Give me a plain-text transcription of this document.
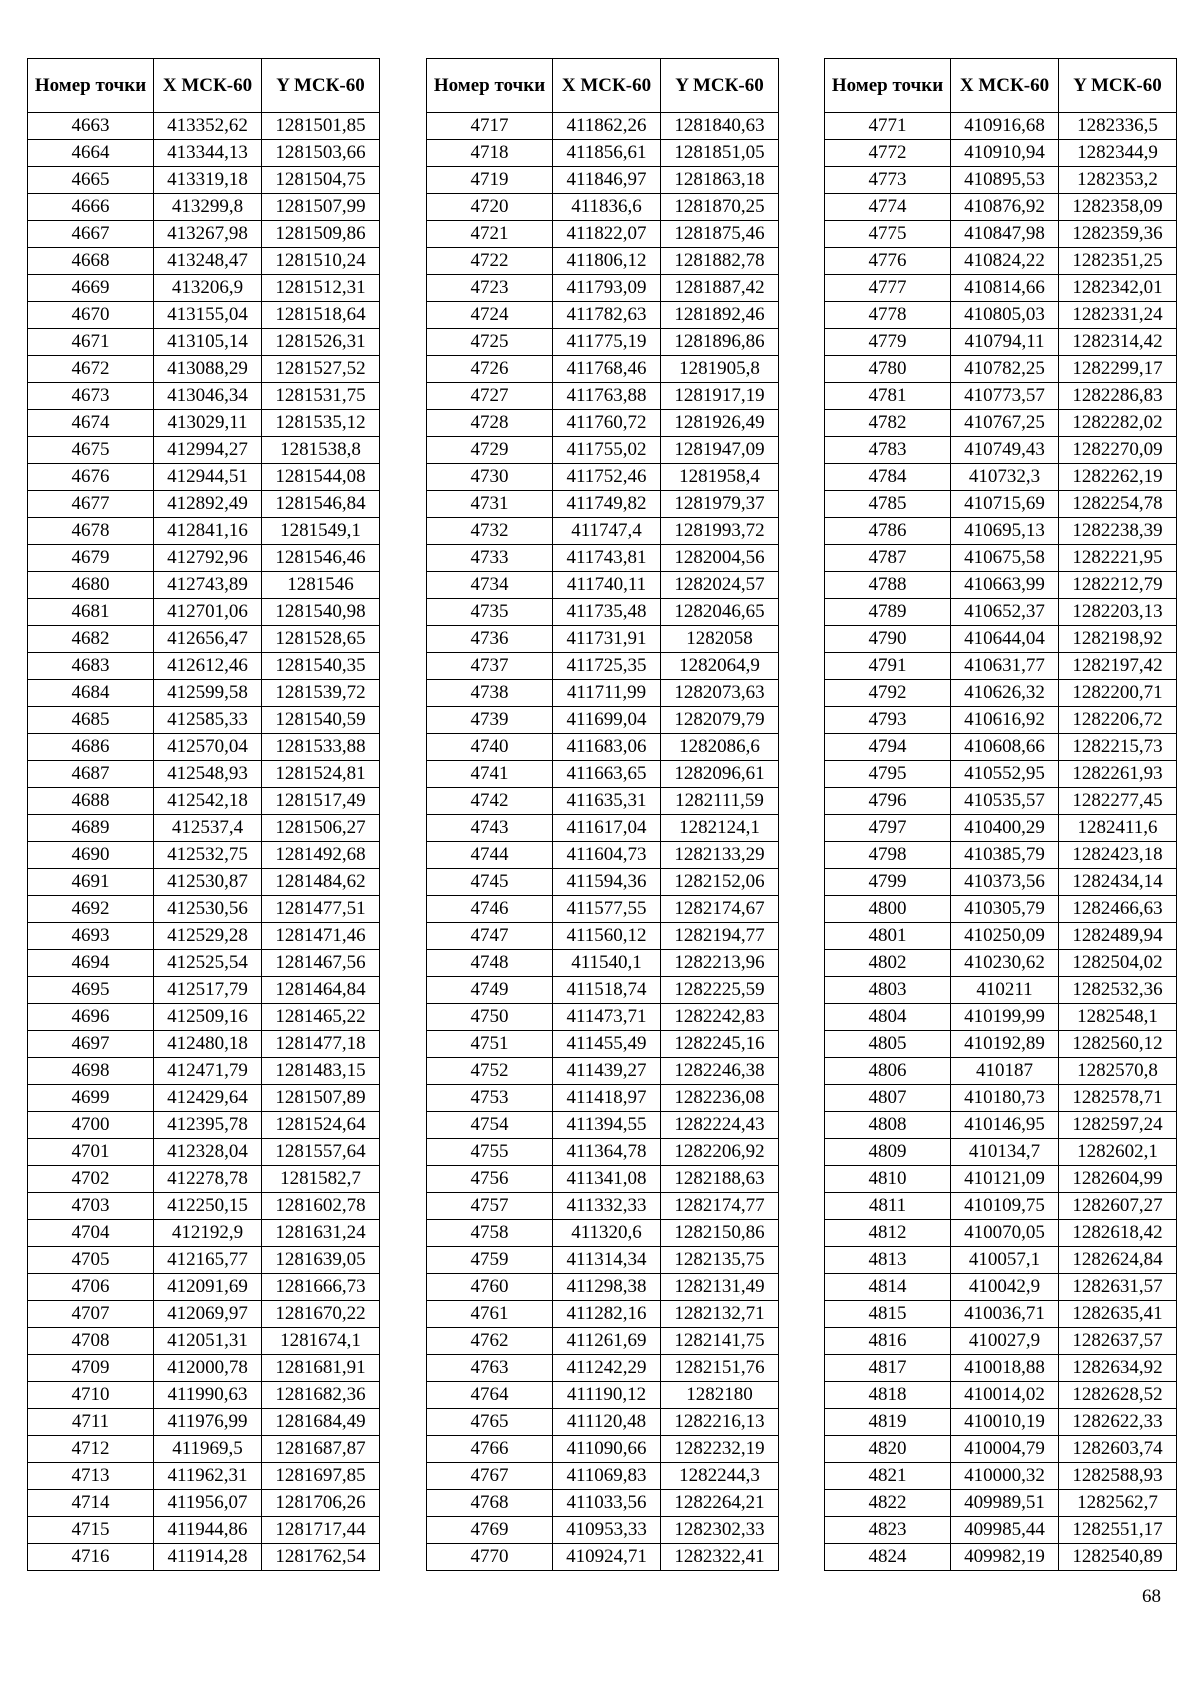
Номер точки	X МСК-60	Y МСК-60
4663	413352,62	1281501,85
4664	413344,13	1281503,66
4665	413319,18	1281504,75
4666	413299,8	1281507,99
4667	413267,98	1281509,86
4668	413248,47	1281510,24
4669	413206,9	1281512,31
4670	413155,04	1281518,64
4671	413105,14	1281526,31
4672	413088,29	1281527,52
4673	413046,34	1281531,75
4674	413029,11	1281535,12
4675	412994,27	1281538,8
4676	412944,51	1281544,08
4677	412892,49	1281546,84
4678	412841,16	1281549,1
4679	412792,96	1281546,46
4680	412743,89	1281546
4681	412701,06	1281540,98
4682	412656,47	1281528,65
4683	412612,46	1281540,35
4684	412599,58	1281539,72
4685	412585,33	1281540,59
4686	412570,04	1281533,88
4687	412548,93	1281524,81
4688	412542,18	1281517,49
4689	412537,4	1281506,27
4690	412532,75	1281492,68
4691	412530,87	1281484,62
4692	412530,56	1281477,51
4693	412529,28	1281471,46
4694	412525,54	1281467,56
4695	412517,79	1281464,84
4696	412509,16	1281465,22
4697	412480,18	1281477,18
4698	412471,79	1281483,15
4699	412429,64	1281507,89
4700	412395,78	1281524,64
4701	412328,04	1281557,64
4702	412278,78	1281582,7
4703	412250,15	1281602,78
4704	412192,9	1281631,24
4705	412165,77	1281639,05
4706	412091,69	1281666,73
4707	412069,97	1281670,22
4708	412051,31	1281674,1
4709	412000,78	1281681,91
4710	411990,63	1281682,36
4711	411976,99	1281684,49
4712	411969,5	1281687,87
4713	411962,31	1281697,85
4714	411956,07	1281706,26
4715	411944,86	1281717,44
4716	411914,28	1281762,54
Номер точки	X МСК-60	Y МСК-60
4717	411862,26	1281840,63
4718	411856,61	1281851,05
4719	411846,97	1281863,18
4720	411836,6	1281870,25
4721	411822,07	1281875,46
4722	411806,12	1281882,78
4723	411793,09	1281887,42
4724	411782,63	1281892,46
4725	411775,19	1281896,86
4726	411768,46	1281905,8
4727	411763,88	1281917,19
4728	411760,72	1281926,49
4729	411755,02	1281947,09
4730	411752,46	1281958,4
4731	411749,82	1281979,37
4732	411747,4	1281993,72
4733	411743,81	1282004,56
4734	411740,11	1282024,57
4735	411735,48	1282046,65
4736	411731,91	1282058
4737	411725,35	1282064,9
4738	411711,99	1282073,63
4739	411699,04	1282079,79
4740	411683,06	1282086,6
4741	411663,65	1282096,61
4742	411635,31	1282111,59
4743	411617,04	1282124,1
4744	411604,73	1282133,29
4745	411594,36	1282152,06
4746	411577,55	1282174,67
4747	411560,12	1282194,77
4748	411540,1	1282213,96
4749	411518,74	1282225,59
4750	411473,71	1282242,83
4751	411455,49	1282245,16
4752	411439,27	1282246,38
4753	411418,97	1282236,08
4754	411394,55	1282224,43
4755	411364,78	1282206,92
4756	411341,08	1282188,63
4757	411332,33	1282174,77
4758	411320,6	1282150,86
4759	411314,34	1282135,75
4760	411298,38	1282131,49
4761	411282,16	1282132,71
4762	411261,69	1282141,75
4763	411242,29	1282151,76
4764	411190,12	1282180
4765	411120,48	1282216,13
4766	411090,66	1282232,19
4767	411069,83	1282244,3
4768	411033,56	1282264,21
4769	410953,33	1282302,33
4770	410924,71	1282322,41
Номер точки	X МСК-60	Y МСК-60
4771	410916,68	1282336,5
4772	410910,94	1282344,9
4773	410895,53	1282353,2
4774	410876,92	1282358,09
4775	410847,98	1282359,36
4776	410824,22	1282351,25
4777	410814,66	1282342,01
4778	410805,03	1282331,24
4779	410794,11	1282314,42
4780	410782,25	1282299,17
4781	410773,57	1282286,83
4782	410767,25	1282282,02
4783	410749,43	1282270,09
4784	410732,3	1282262,19
4785	410715,69	1282254,78
4786	410695,13	1282238,39
4787	410675,58	1282221,95
4788	410663,99	1282212,79
4789	410652,37	1282203,13
4790	410644,04	1282198,92
4791	410631,77	1282197,42
4792	410626,32	1282200,71
4793	410616,92	1282206,72
4794	410608,66	1282215,73
4795	410552,95	1282261,93
4796	410535,57	1282277,45
4797	410400,29	1282411,6
4798	410385,79	1282423,18
4799	410373,56	1282434,14
4800	410305,79	1282466,63
4801	410250,09	1282489,94
4802	410230,62	1282504,02
4803	410211	1282532,36
4804	410199,99	1282548,1
4805	410192,89	1282560,12
4806	410187	1282570,8
4807	410180,73	1282578,71
4808	410146,95	1282597,24
4809	410134,7	1282602,1
4810	410121,09	1282604,99
4811	410109,75	1282607,27
4812	410070,05	1282618,42
4813	410057,1	1282624,84
4814	410042,9	1282631,57
4815	410036,71	1282635,41
4816	410027,9	1282637,57
4817	410018,88	1282634,92
4818	410014,02	1282628,52
4819	410010,19	1282622,33
4820	410004,79	1282603,74
4821	410000,32	1282588,93
4822	409989,51	1282562,7
4823	409985,44	1282551,17
4824	409982,19	1282540,89
68
